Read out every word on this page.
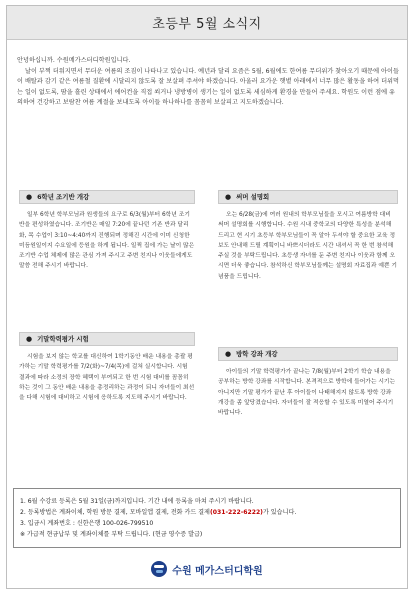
초등부 5월 소식지

안녕하십니까. 수원메가스터디학원입니다.

날이 부쩍 더워지면서 무더운 여름의 조짐이 나타나고 있습니다. 예년과 달리 요즘은 5월, 6월에도 한여름 무더위가 찾아오기 때문에 아이들이 배탈과 감기 같은 여름철 질환에 시달리지 않도록 잘 보살펴 주셔야 하겠습니다. 아울러 요가운 햇볕 아래에서 너무 많은 활동을 하여 더위먹는 일이 없도록, 땀을 흘린 상태에서 에어컨을 직접 쐬거나 냉방병이 생기는 일이 없도록 세심하게 환경을 만들어 주세요. 학원도 이런 점에 유의하여 건강하고 보람찬 여름 계절을 보내도록 아이들 하나하나를 꼼꼼히 보살피고 지도하겠습니다.

● 6학년 조기반 개강

일부 6학년 학부모님과 원생들의 요구로 6/3(월)부터 6학년 조기반을 편성하였습니다. 조기반은 매일 7:20에 끝나던 기존 반과 달리 화, 목 수업이 3:10~4:40까지 진행되며 정해진 시간에 이미 신청한 미듬원일이지 수요일에 등원을 하게 됩니다. 일찍 집에 가는 날이 많은 조기반 수업 체제에 많은 관심 가져 주시고 주변 친지나 이웃들에게도 말씀 전해 주시기 바랍니다.

● 써머 설명회

오는 6/28(금)에 여러 원내의 학부모님들을 모시고 여름방학 대비 써머 설명회를 시행합니다. 수원 시내 중학교의 다양한 특성을 분석해 드리고 현 시기 초등부 학부모님들이 꼭 알아 두셔야 할 중요한 교육 정보도 안내해 드릴 계획이니 바쁘시더라도 시간 내셔서 꼭 한 번 참석해 주실 것을 부탁드립니다. 초등생 자녀를 둔 주변 친지나 이웃과 함께 오시면 더욱 좋습니다. 참석하신 학부모님들께는 설명회 자료집과 예쁜 기념품을 드립니다.

● 기말학력평가 시험

시험을 보지 않는 학교를 대신하여 1학기동안 배운 내용을 총괄 평가하는 기말 학력평가를 7/2(화)~7/4(목)에 걸쳐 실시합니다. 시험 결과에 따라 소정의 장학 혜택이 부여되고 한 번 시험 대비를 꼼꼼히 하는 것이 그 동안 배운 내용을 총정리하는 과정이 되니 자녀들이 최선을 다해 시험에 대비하고 시험에 응하도록 지도해 주시기 바랍니다.

● 방학 강좌 개강

아이들의 기말 학력평가가 끝나는 7/8(월)부터 2학기 학습 내용을 공부하는 방학 강좌를 시작합니다. 본격적으로 방학에 들어가는 시기는 아니지만 기말 평가가 끝난 후 아이들이 나태해지지 않도록 방학 강좌 개강을 좀 앞당겼습니다. 자녀들이 잘 적응할 수 있도록 미열어 주시기 바랍니다.

1. 6월 수강료 등록은 5월 31일(금)까지입니다. 기간 내에 등록을 마쳐 주시기 바랍니다.
2. 등록방법은 계좌이체, 학원 방문 결제, 모바일앱 결제, 전화 카드 결제(031-222-6222)가 있습니다.
3. 입금시 계좌번호 : 신한은행 100-026-799510
※ 가급적 현금납부 및 계좌이체를 부탁 드립니다. (현금 영수증 발급)
수원 메가스터디학원
